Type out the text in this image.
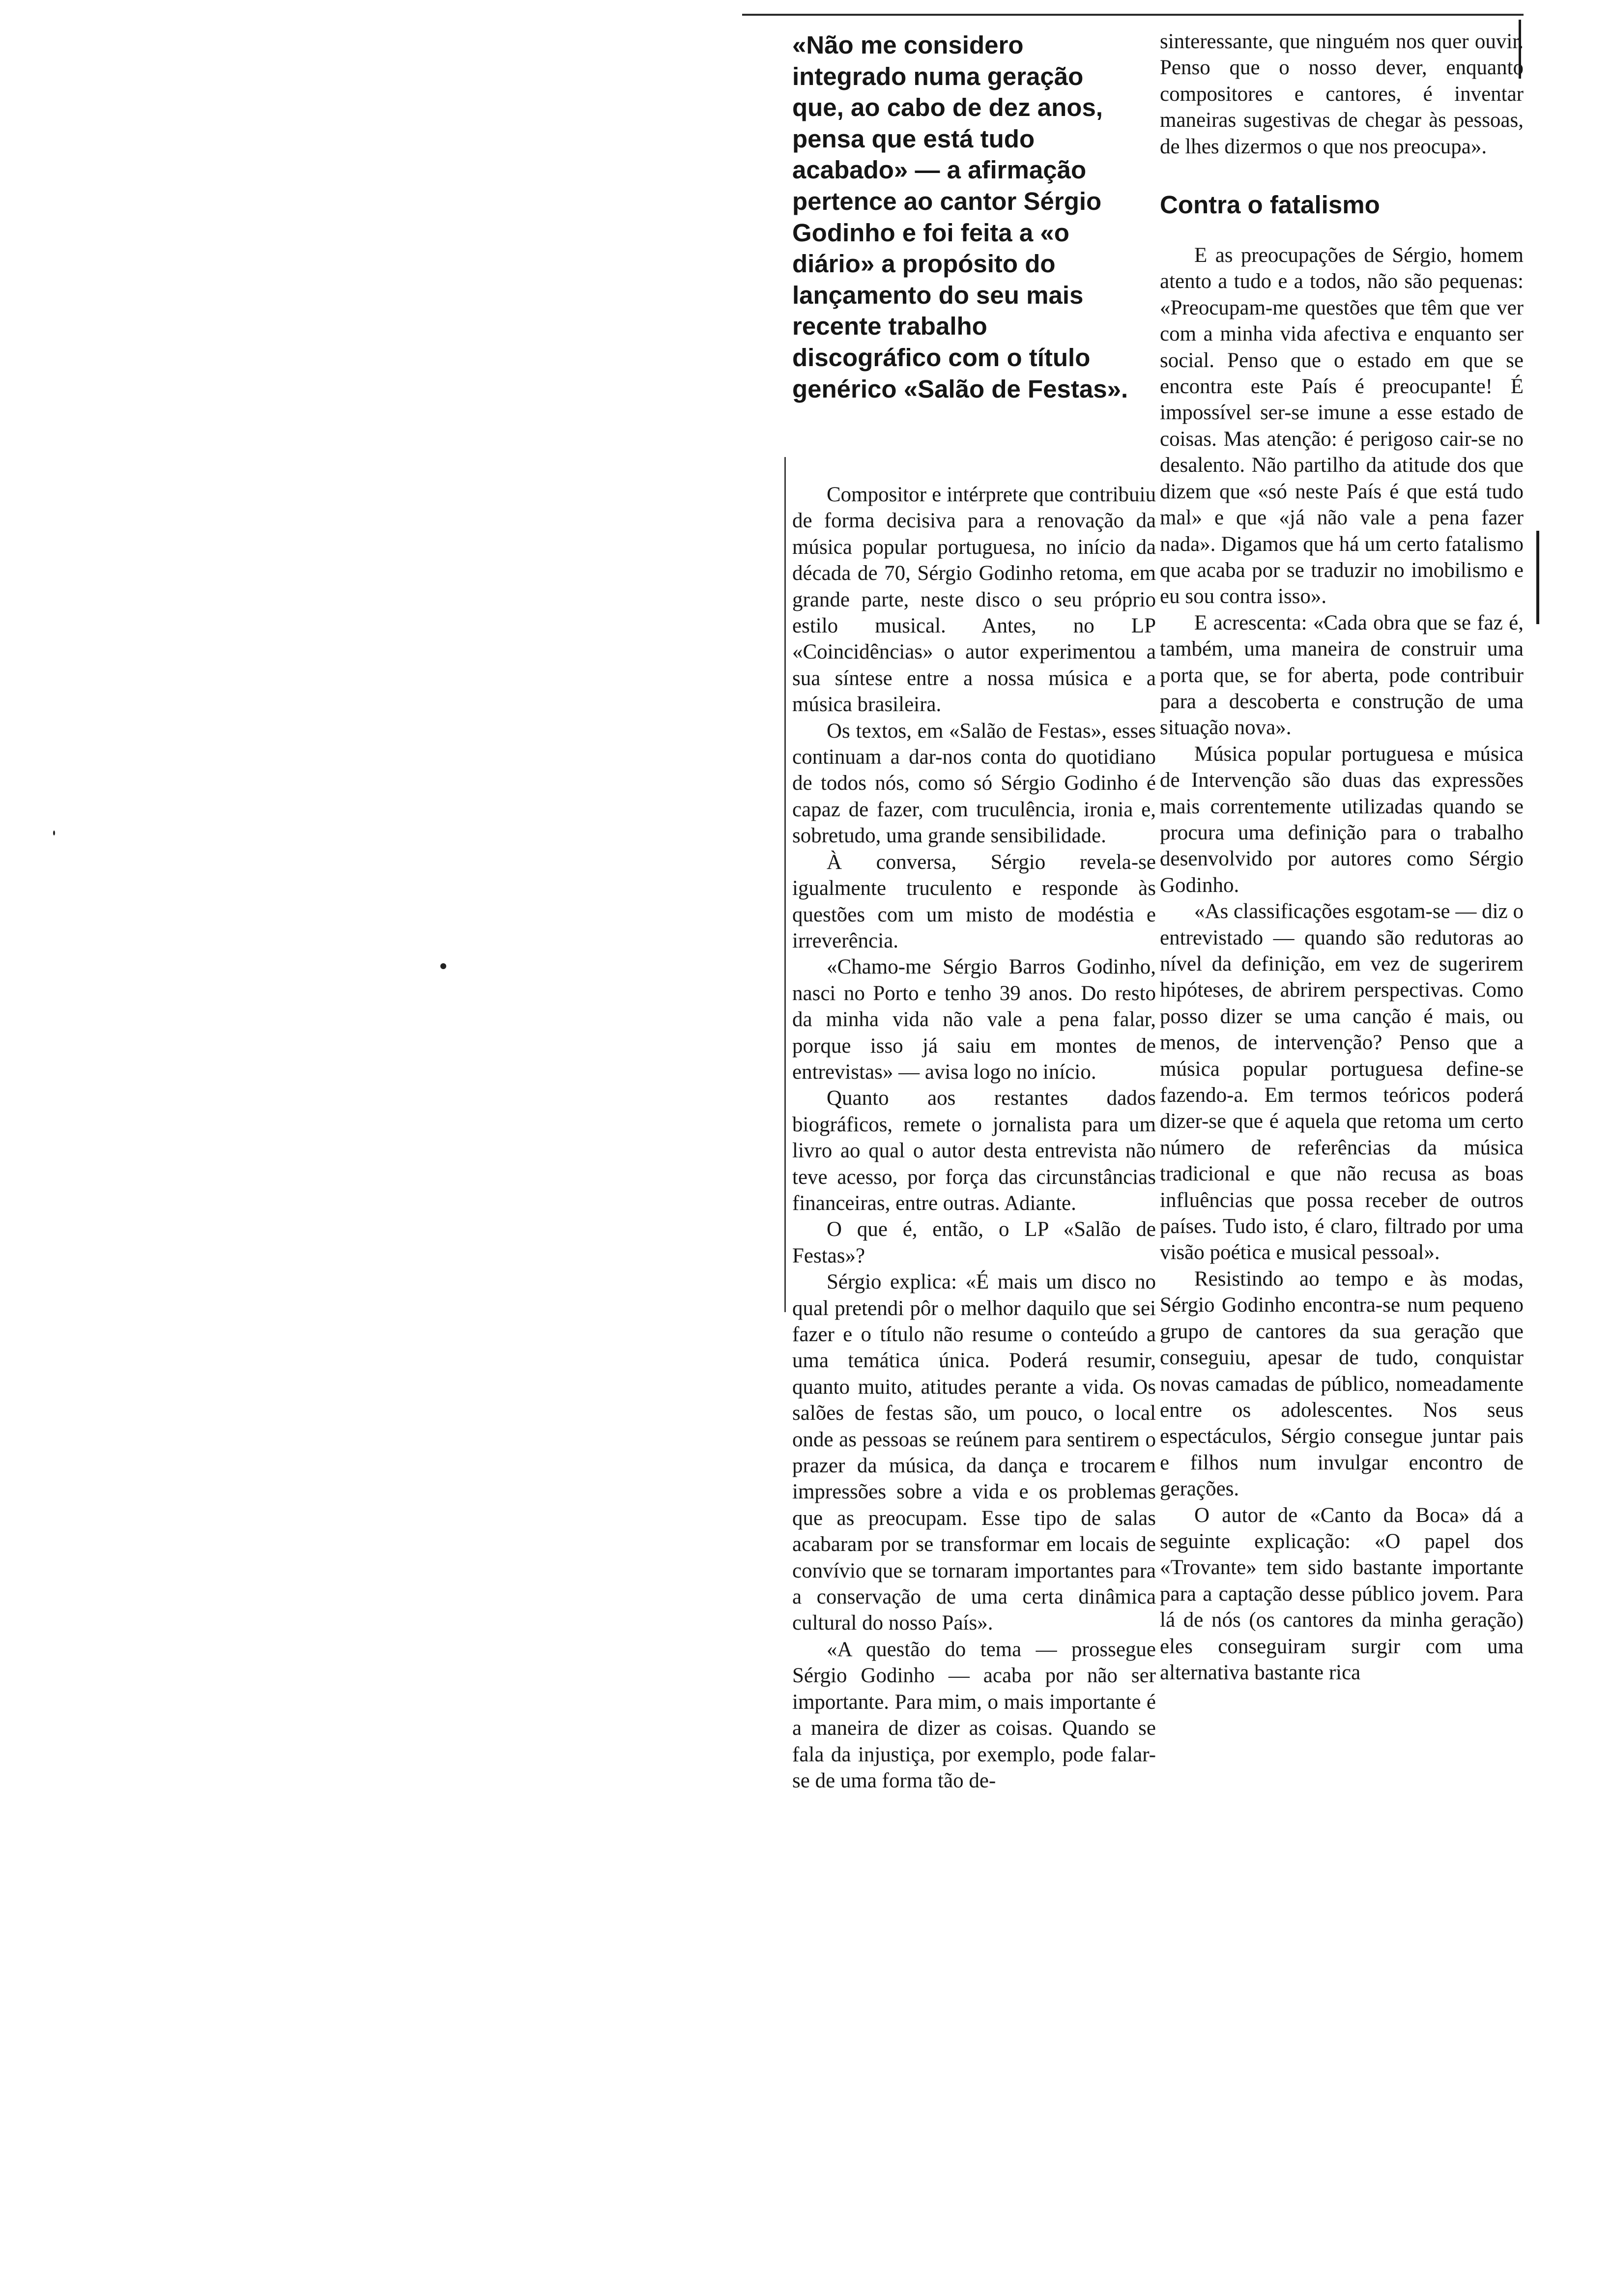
«Não me considero integrado numa geração que, ao cabo de dez anos, pensa que está tudo acabado» — a afirmação pertence ao cantor Sérgio Godinho e foi feita a «o diário» a propósito do lançamento do seu mais recente trabalho discográfico com o título genérico «Salão de Festas».

Compositor e intérprete que contribuiu de forma decisiva para a renovação da música popular portuguesa, no início da década de 70, Sérgio Godinho retoma, em grande parte, neste disco o seu próprio estilo musical. Antes, no LP «Coincidências» o autor experimentou a sua síntese entre a nossa música e a música brasileira.

Os textos, em «Salão de Festas», esses continuam a dar-nos conta do quotidiano de todos nós, como só Sérgio Godinho é capaz de fazer, com truculência, ironia e, sobretudo, uma grande sensibilidade.

À conversa, Sérgio revela-se igualmente truculento e responde às questões com um misto de modéstia e irreverência.

«Chamo-me Sérgio Barros Godinho, nasci no Porto e tenho 39 anos. Do resto da minha vida não vale a pena falar, porque isso já saiu em montes de entrevistas» — avisa logo no início.

Quanto aos restantes dados biográficos, remete o jornalista para um livro ao qual o autor desta entrevista não teve acesso, por força das circunstâncias financeiras, entre outras. Adiante.

O que é, então, o LP «Salão de Festas»?

Sérgio explica: «É mais um disco no qual pretendi pôr o melhor daquilo que sei fazer e o título não resume o conteúdo a uma temática única. Poderá resumir, quanto muito, atitudes perante a vida. Os salões de festas são, um pouco, o local onde as pessoas se reúnem para sentirem o prazer da música, da dança e trocarem impressões sobre a vida e os problemas que as preocupam. Esse tipo de salas acabaram por se transformar em locais de convívio que se tornaram importantes para a conservação de uma certa dinâmica cultural do nosso País».

«A questão do tema — prossegue Sérgio Godinho — acaba por não ser importante. Para mim, o mais importante é a maneira de dizer as coisas. Quando se fala da injustiça, por exemplo, pode falar-se de uma forma tão de-

sinteressante, que ninguém nos quer ouvir. Penso que o nosso dever, enquanto compositores e cantores, é inventar maneiras sugestivas de chegar às pessoas, de lhes dizermos o que nos preocupa».

Contra o fatalismo

E as preocupações de Sérgio, homem atento a tudo e a todos, não são pequenas: «Preocupam-me questões que têm que ver com a minha vida afectiva e enquanto ser social. Penso que o estado em que se encontra este País é preocupante! É impossível ser-se imune a esse estado de coisas. Mas atenção: é perigoso cair-se no desalento. Não partilho da atitude dos que dizem que «só neste País é que está tudo mal» e que «já não vale a pena fazer nada». Digamos que há um certo fatalismo que acaba por se traduzir no imobilismo e eu sou contra isso».

E acrescenta: «Cada obra que se faz é, também, uma maneira de construir uma porta que, se for aberta, pode contribuir para a descoberta e construção de uma situação nova».

Música popular portuguesa e música de Intervenção são duas das expressões mais correntemente utilizadas quando se procura uma definição para o trabalho desenvolvido por autores como Sérgio Godinho.

«As classificações esgotam-se — diz o entrevistado — quando são redutoras ao nível da definição, em vez de sugerirem hipóteses, de abrirem perspectivas. Como posso dizer se uma canção é mais, ou menos, de intervenção? Penso que a música popular portuguesa define-se fazendo-a. Em termos teóricos poderá dizer-se que é aquela que retoma um certo número de referências da música tradicional e que não recusa as boas influências que possa receber de outros países. Tudo isto, é claro, filtrado por uma visão poética e musical pessoal».

Resistindo ao tempo e às modas, Sérgio Godinho encontra-se num pequeno grupo de cantores da sua geração que conseguiu, apesar de tudo, conquistar novas camadas de público, nomeadamente entre os adolescentes. Nos seus espectáculos, Sérgio consegue juntar pais e filhos num invulgar encontro de gerações.

O autor de «Canto da Boca» dá a seguinte explicação: «O papel dos «Trovante» tem sido bastante importante para a captação desse público jovem. Para lá de nós (os cantores da minha geração) eles conseguiram surgir com uma alternativa bastante rica
